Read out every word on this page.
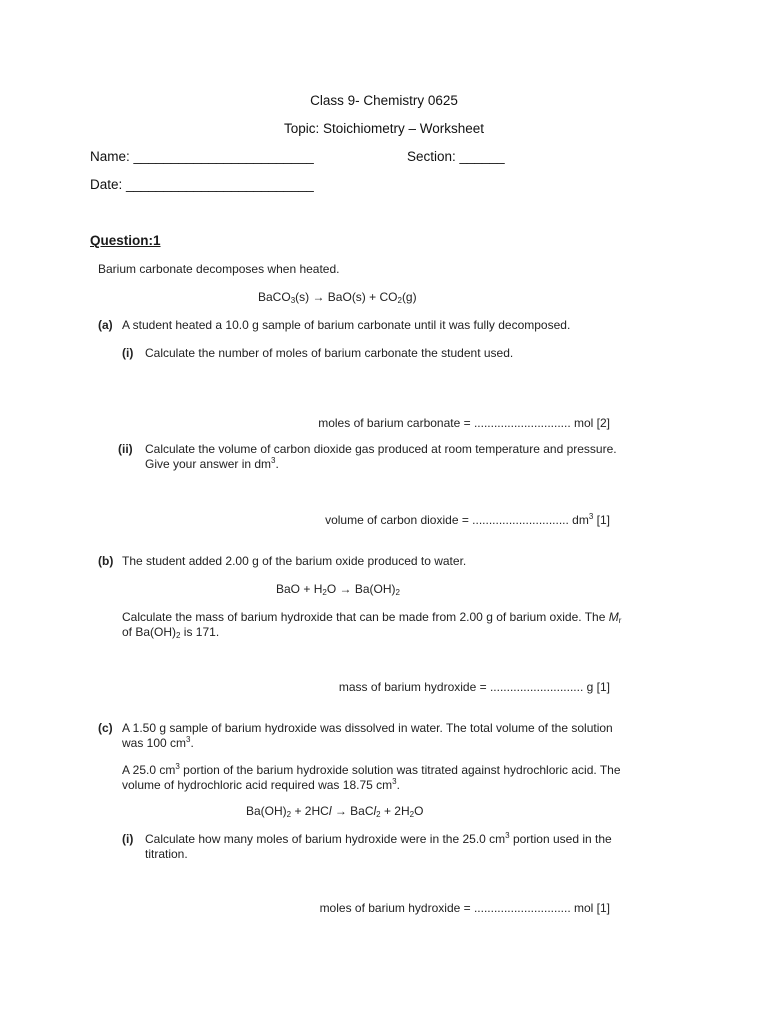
Class 9- Chemistry 0625
Topic: Stoichiometry – Worksheet
Name: ________________________	Section: ______
Date: _________________________
Question:1
Barium carbonate decomposes when heated.
BaCO$_3$(s) → $BaO(s) + CO_2(g)$
(a) A student heated a 10.0 g sample of barium carbonate until it was fully decomposed.
(i) Calculate the number of moles of barium carbonate the student used.
moles of barium carbonate = ............................. mol [2]
(ii) Calculate the volume of carbon dioxide gas produced at room temperature and pressure.
Give your answer in $dm^3$.
volume of carbon dioxide = ............................. $dm^3$ [1]
(b) The student added 2.00 g of the barium oxide produced to water.
BaO + $H_2O \to Ba(OH)_2$
Calculate the mass of barium hydroxide that can be made from 2.00 g of barium oxide. The $M_r$
of $Ba(OH)_2$ is 171.
mass of barium hydroxide = ............................ g [1]
(c) A 1.50 g sample of barium hydroxide was dissolved in water. The total volume of the solution
was 100 $cm^3$.
A 25.0 $cm^3$ portion of the barium hydroxide solution was titrated against hydrochloric acid. The
volume of hydrochloric acid required was 18.75 $cm^3$.
$Ba(OH)_2 + 2HCl$ → BaCl$_2$ + $2H_2O$
(i) Calculate how many moles of barium hydroxide were in the 25.0 $cm^3$ portion used in the
titration.
moles of barium hydroxide = ............................. mol [1]
